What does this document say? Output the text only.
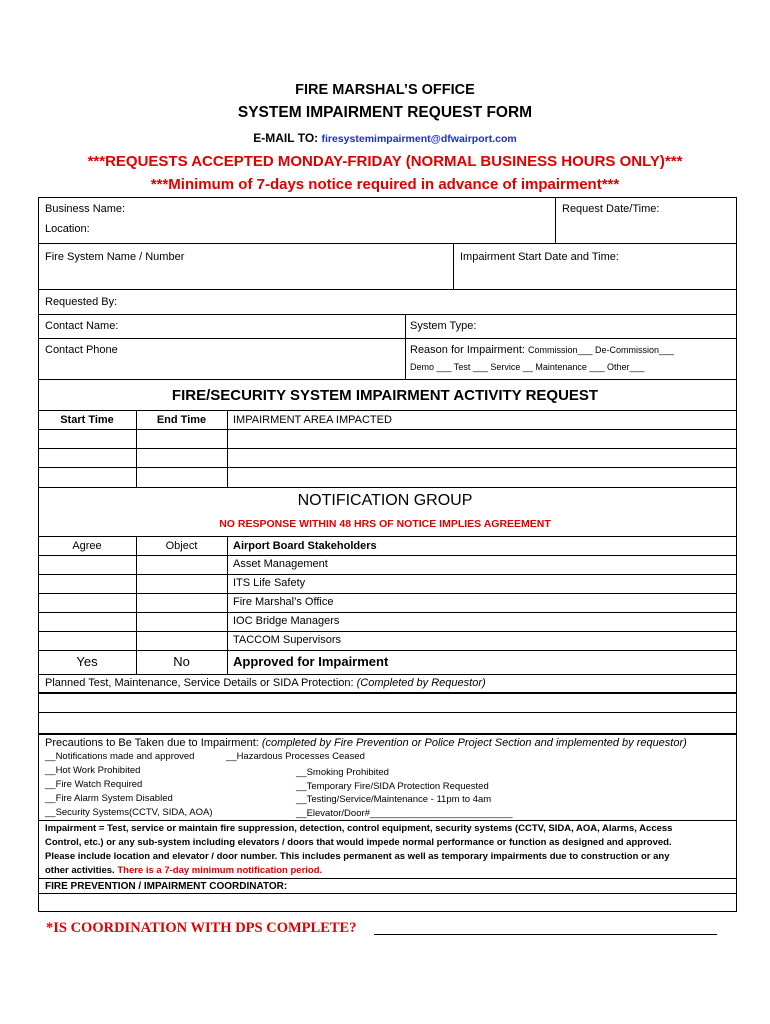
FIRE MARSHAL’S OFFICE
SYSTEM IMPAIRMENT REQUEST FORM
E-MAIL TO: firesystemimpairment@dfwairport.com
***REQUESTS ACCEPTED MONDAY-FRIDAY (NORMAL BUSINESS HOURS ONLY)***
***Minimum of 7-days notice required in advance of impairment***
Business Name:	Request Date/Time:
Location:
Fire System Name / Number	Impairment Start Date and Time:
Requested By:
Contact Name:	System Type:
Contact Phone	Reason for Impairment: Commission___ De-Commission___
Demo ___ Test ___ Service __ Maintenance ___ Other___
FIRE/SECURITY SYSTEM IMPAIRMENT ACTIVITY REQUEST
Start Time	End Time	IMPAIRMENT AREA IMPACTED
NOTIFICATION GROUP
NO RESPONSE WITHIN 48 HRS OF NOTICE IMPLIES AGREEMENT
Agree	Object	Airport Board Stakeholders
Asset Management
ITS Life Safety
Fire Marshal’s Office
IOC Bridge Managers
TACCOM Supervisors
Yes	No	Approved for Impairment
Planned Test, Maintenance, Service Details or SIDA Protection: (Completed by Requestor)
Precautions to Be Taken due to Impairment: (completed by Fire Prevention or Police Project Section and implemented by requestor)
__Notifications made and approved
__Hot Work Prohibited
__Fire Watch Required
__Fire Alarm System Disabled
__Security Systems(CCTV, SIDA, AOA)
__Hazardous Processes Ceased
__Smoking Prohibited
__Temporary Fire/SIDA Protection Requested
__Testing/Service/Maintenance - 11pm to 4am
__Elevator/Door#___________________________
Impairment = Test, service or maintain fire suppression, detection, control equipment, security systems (CCTV, SIDA, AOA, Alarms, Access
Control, etc.) or any sub-system including elevators / doors that would impede normal performance or function as designed and approved.
Please include location and elevator / door number. This includes permanent as well as temporary impairments due to construction or any
other activities. There is a 7-day minimum notification period.
FIRE PREVENTION / IMPAIRMENT COORDINATOR:
*IS COORDINATION WITH DPS COMPLETE?
